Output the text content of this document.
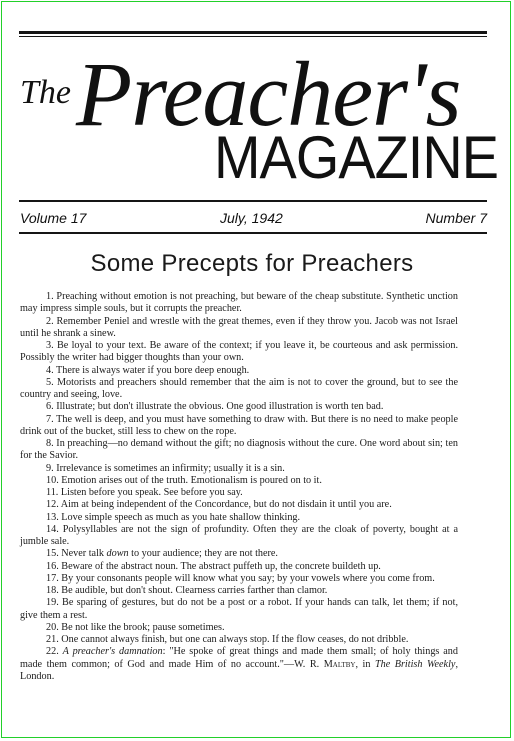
The Preacher's
MAGAZINE
Volume 17	July, 1942	Number 7
Some Precepts for Preachers

1. Preaching without emotion is not preaching, but beware of the cheap substitute. Synthetic unction may impress simple souls, but it corrupts the preacher.

2. Remember Peniel and wrestle with the great themes, even if they throw you. Jacob was not Israel until he shrank a sinew.

3. Be loyal to your text. Be aware of the context; if you leave it, be courteous and ask permission. Possibly the writer had bigger thoughts than your own.

4. There is always water if you bore deep enough.

5. Motorists and preachers should remember that the aim is not to cover the ground, but to see the country and seeing, love.

6. Illustrate; but don't illustrate the obvious. One good illustration is worth ten bad.

7. The well is deep, and you must have something to draw with. But there is no need to make people drink out of the bucket, still less to chew on the rope.

8. In preaching—no demand without the gift; no diagnosis without the cure. One word about sin; ten for the Savior.

9. Irrelevance is sometimes an infirmity; usually it is a sin.

10. Emotion arises out of the truth. Emotionalism is poured on to it.

11. Listen before you speak. See before you say.

12. Aim at being independent of the Concordance, but do not disdain it until you are.

13. Love simple speech as much as you hate shallow thinking.

14. Polysyllables are not the sign of profundity. Often they are the cloak of poverty, bought at a jumble sale.

15. Never talk down to your audience; they are not there.

16. Beware of the abstract noun. The abstract puffeth up, the concrete buildeth up.

17. By your consonants people will know what you say; by your vowels where you come from.

18. Be audible, but don't shout. Clearness carries farther than clamor.

19. Be sparing of gestures, but do not be a post or a robot. If your hands can talk, let them; if not, give them a rest.

20. Be not like the brook; pause sometimes.

21. One cannot always finish, but one can always stop. If the flow ceases, do not dribble.

22. A preacher's damnation: "He spoke of great things and made them small; of holy things and made them common; of God and made Him of no account."—W. R. Maltby, in The British Weekly, London.
